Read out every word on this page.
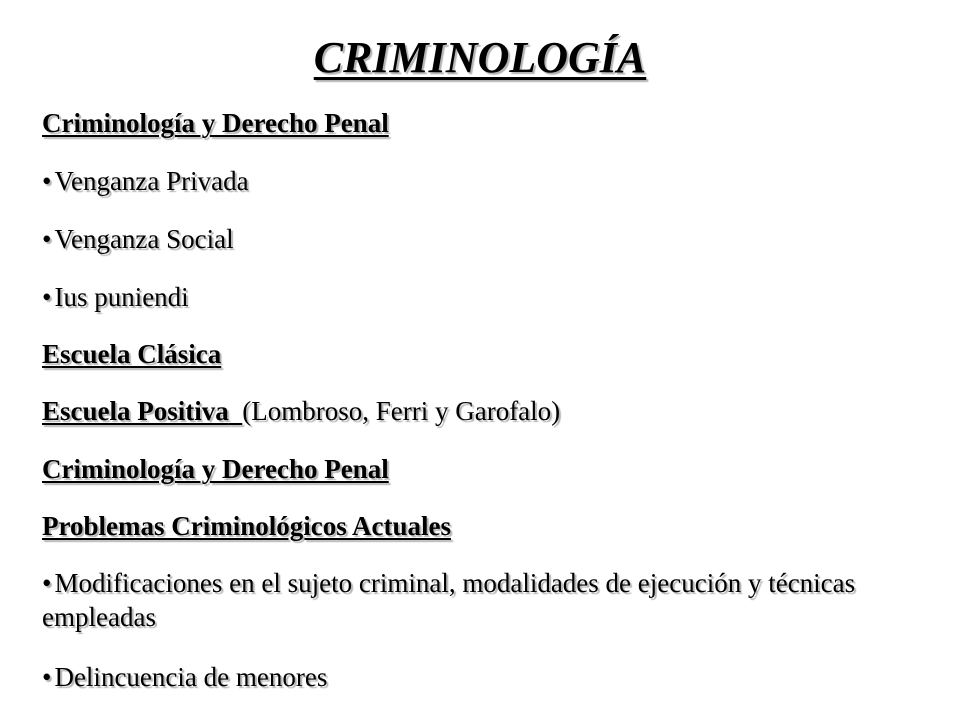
CRIMINOLOGÍA
Criminología y Derecho Penal
• Venganza Privada
• Venganza Social
• Ius puniendi
Escuela Clásica
Escuela Positiva (Lombroso, Ferri y Garofalo)
Criminología y Derecho Penal
Problemas Criminológicos Actuales
• Modificaciones en el sujeto criminal, modalidades de ejecución y técnicas empleadas
• Delincuencia de menores
